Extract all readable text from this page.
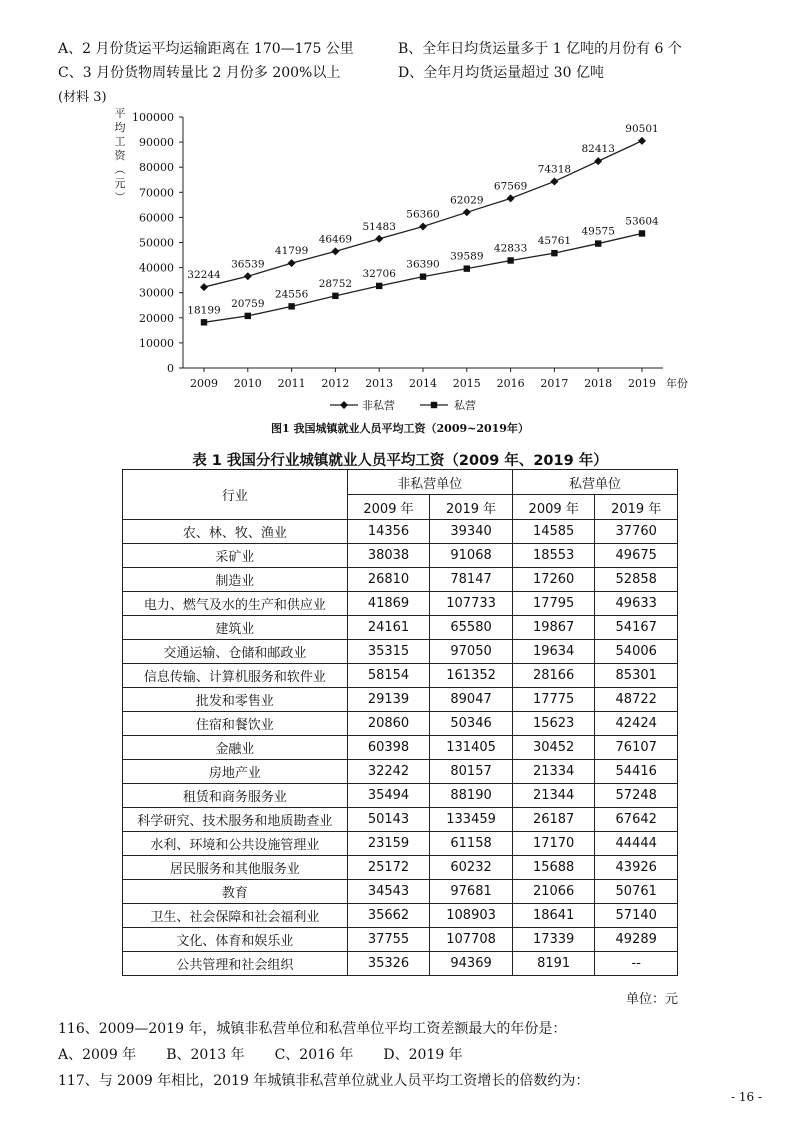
A、2 月份货运平均运输距离在 170—175 公里	B、全年日均货运量多于 1 亿吨的月份有 6 个
C、3 月份货物周转量比 2 月份多 200%以上	D、全年月均货运量超过 30 亿吨
(材料 3)
平均工资︵元︶
0
10000
20000
30000
40000
50000
60000
70000
80000
90000
100000
2009 2010 2011 2012 2013 2014 2015 2016 2017 2018 2019
32244
36539
41799
46469
51483
56360
62029
67569
74318
82413
90501
18199
20759
24556
28752
32706
36390
39589
42833
45761
49575
53604
年份
非私营	私营
图1 我国城镇就业人员平均工资（2009~2019年）
表 1 我国分行业城镇就业人员平均工资（2009 年、2019 年）
行业	非私营单位		私营单位	
	2009 年	2019 年	2009 年	2019 年
农、林、牧、渔业	14356	39340	14585	37760
采矿业	38038	91068	18553	49675
制造业	26810	78147	17260	52858
电力、燃气及水的生产和供应业	41869	107733	17795	49633
建筑业	24161	65580	19867	54167
交通运输、仓储和邮政业	35315	97050	19634	54006
信息传输、计算机服务和软件业	58154	161352	28166	85301
批发和零售业	29139	89047	17775	48722
住宿和餐饮业	20860	50346	15623	42424
金融业	60398	131405	30452	76107
房地产业	32242	80157	21334	54416
租赁和商务服务业	35494	88190	21344	57248
科学研究、技术服务和地质勘查业	50143	133459	26187	67642
水利、环境和公共设施管理业	23159	61158	17170	44444
居民服务和其他服务业	25172	60232	15688	43926
教育	34543	97681	21066	50761
卫生、社会保障和社会福利业	35662	108903	18641	57140
文化、体育和娱乐业	37755	107708	17339	49289
公共管理和社会组织	35326	94369	8191	--
单位：元
116、2009—2019 年，城镇非私营单位和私营单位平均工资差额最大的年份是：
A、2009 年 B、2013 年 C、2016 年 D、2019 年
117、与 2009 年相比，2019 年城镇非私营单位就业人员平均工资增长的倍数约为：
- 16 -
